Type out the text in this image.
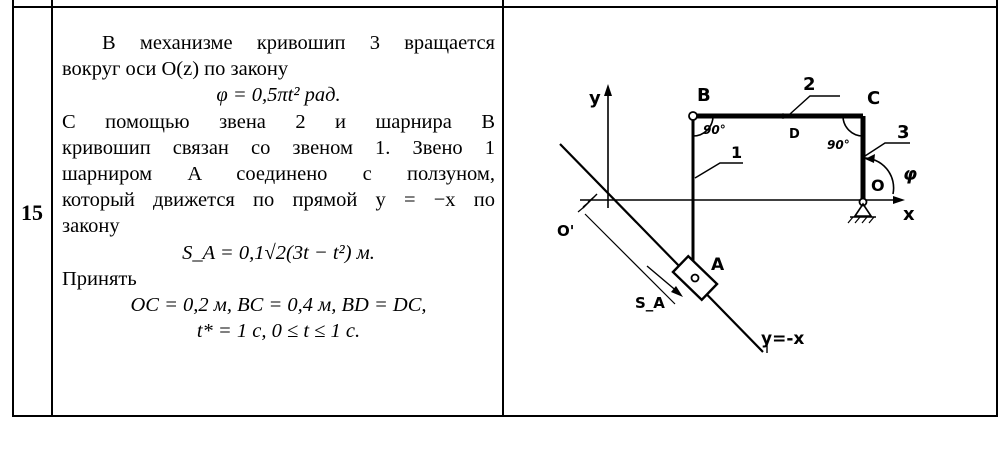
15
В механизме кривошип 3 вращается
вокруг оси O(z) по закону
φ = 0,5πt² рад.
С помощью звена 2 и шарнира B
кривошип связан со звеном 1. Звено 1
шарниром A соединено с ползуном,
который движется по прямой y = −x по
закону
S_A = 0,1√2(3t − t²) м.
Принять
OC = 0,2 м, BC = 0,4 м, BD = DC,
t* = 1 с, 0 ≤ t ≤ 1 с.
y
x
B	C
D
A
O
O'
1
2
3
90°
90°
φ
S_A
y=-x
